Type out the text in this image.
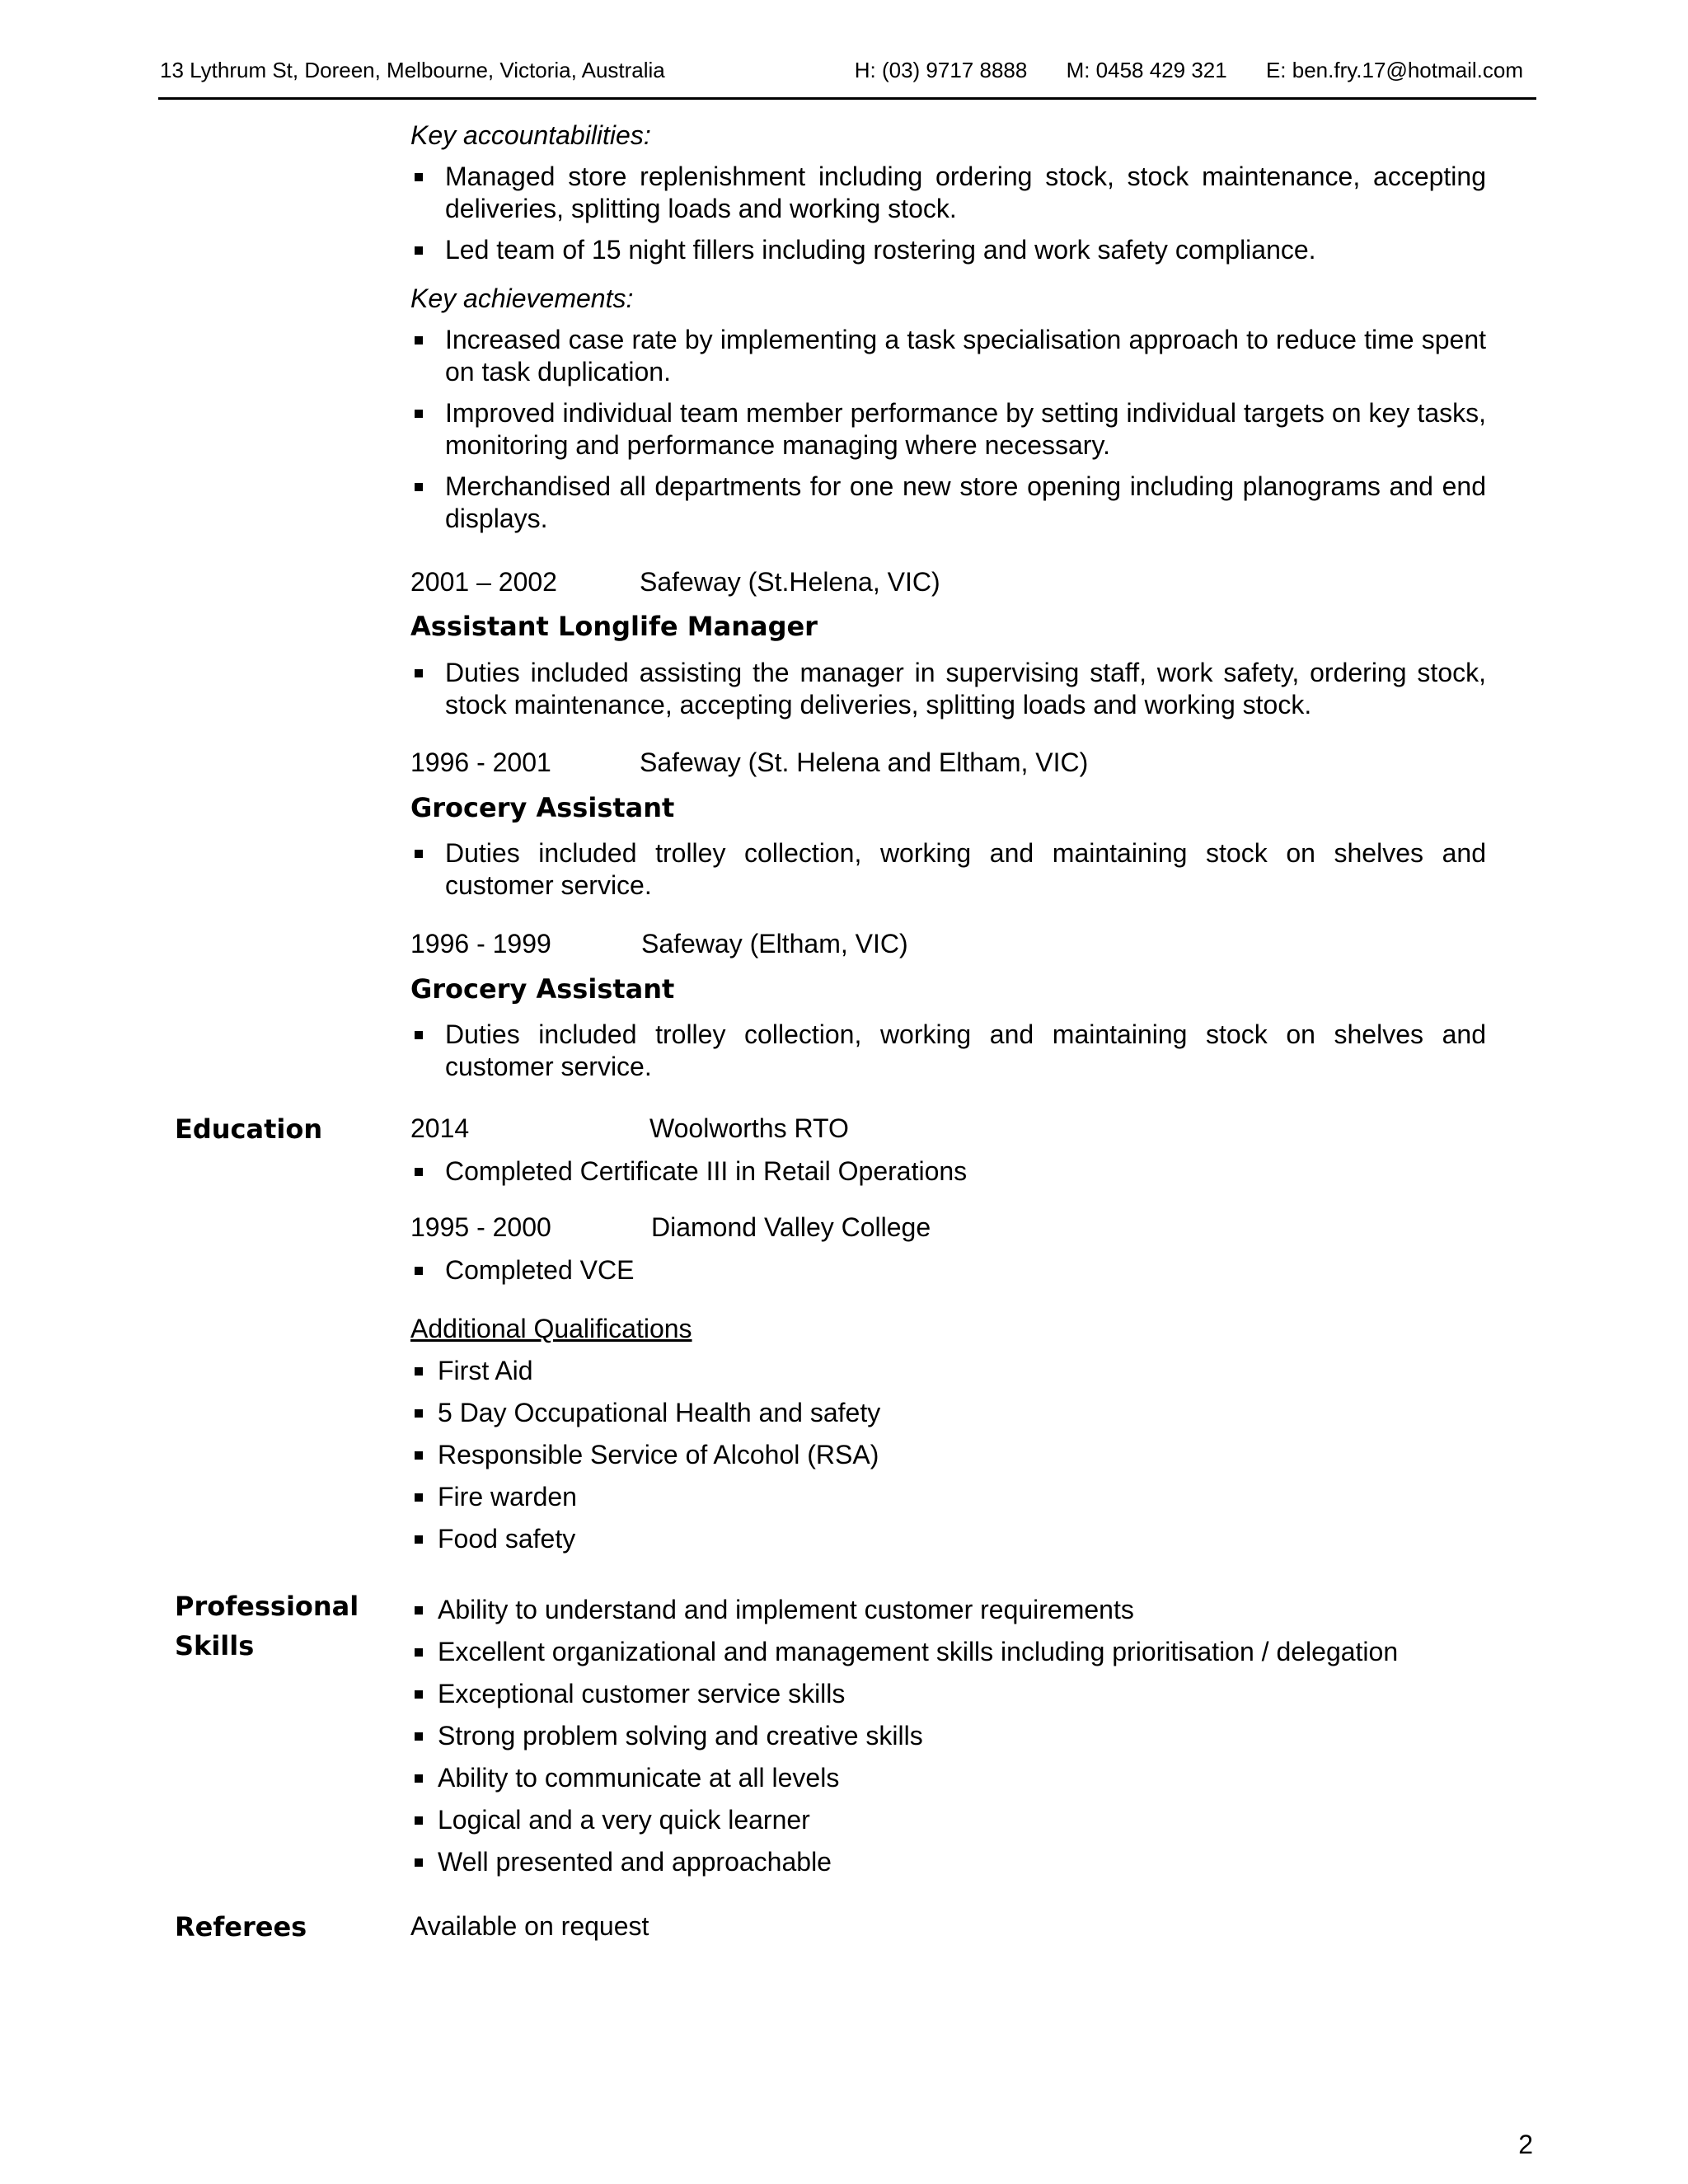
13 Lythrum St, Doreen, Melbourne, Victoria, Australia	H: (03) 9717 8888 M: 0458 429 321 E: ben.fry.17@hotmail.com
Key accountabilities:
Managed store replenishment including ordering stock, stock maintenance, accepting deliveries, splitting loads and working stock.
Led team of 15 night fillers including rostering and work safety compliance.
Key achievements:
Increased case rate by implementing a task specialisation approach to reduce time spent on task duplication.
Improved individual team member performance by setting individual targets on key tasks, monitoring and performance managing where necessary.
Merchandised all departments for one new store opening including planograms and end displays.
2001 – 2002	Safeway (St.Helena, VIC)
Assistant Longlife Manager
Duties included assisting the manager in supervising staff, work safety, ordering stock, stock maintenance, accepting deliveries, splitting loads and working stock.
1996 - 2001	Safeway (St. Helena and Eltham, VIC)
Grocery Assistant
Duties included trolley collection, working and maintaining stock on shelves and customer service.
1996 - 1999	Safeway (Eltham, VIC)
Grocery Assistant
Duties included trolley collection, working and maintaining stock on shelves and customer service.
Education	2014	Woolworths RTO
Completed Certificate III in Retail Operations
1995 - 2000	Diamond Valley College
Completed VCE
Additional Qualifications
First Aid
5 Day Occupational Health and safety
Responsible Service of Alcohol (RSA)
Fire warden
Food safety
Professional
Skills
Ability to understand and implement customer requirements
Excellent organizational and management skills including prioritisation / delegation
Exceptional customer service skills
Strong problem solving and creative skills
Ability to communicate at all levels
Logical and a very quick learner
Well presented and approachable
Referees	Available on request
2
